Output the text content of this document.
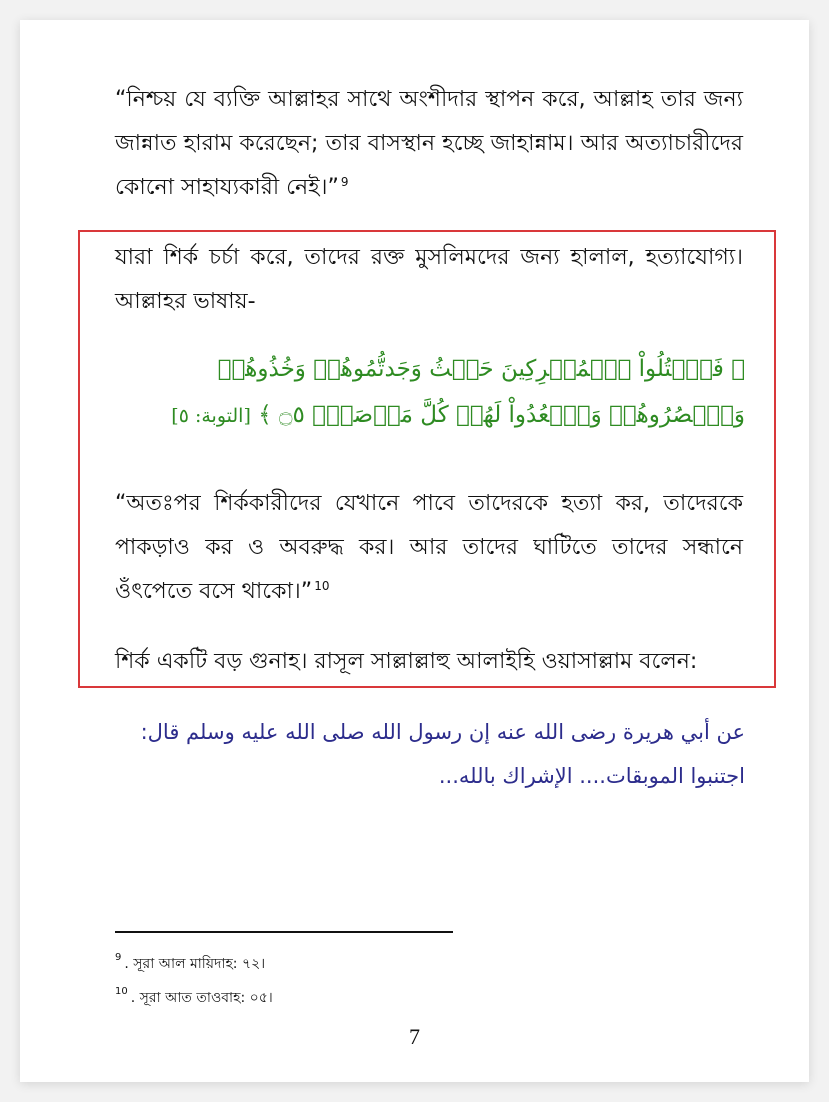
“নিশ্চয় যে ব্যক্তি আল্লাহর সাথে অংশীদার স্থাপন করে, আল্লাহ তার জন্য জান্নাত হারাম করেছেন; তার বাসস্থান হচ্ছে জাহান্নাম। আর অত্যাচারীদের কোনো সাহায্যকারী নেই।” $^9$

যারা শির্ক চর্চা করে, তাদের রক্ত মুসলিমদের জন্য হালাল, হত্যাযোগ্য। আল্লাহর ভাষায়-

﴿ فَٱقۡتُلُواْ ٱلۡمُشۡرِكِينَ حَيۡثُ وَجَدتُّمُوهُمۡ وَخُذُوهُمۡ وَٱحۡصُرُوهُمۡ وَٱقۡعُدُواْ لَهُمۡ كُلَّ مَرۡصَدٖۚ ۝٥ ﴾ [التوبة: ٥]

“অতঃপর শির্ককারীদের যেখানে পাবে তাদেরকে হত্যা কর, তাদেরকে পাকড়াও কর ও অবরুদ্ধ কর। আর তাদের ঘাটিতে তাদের সন্ধানে ওঁৎপেতে বসে থাকো।” $^{10}$

শির্ক একটি বড় গুনাহ। রাসূল সাল্লাল্লাহু আলাইহি ওয়াসাল্লাম বলেন:

عن أبي هريرة رضى الله عنه إن رسول الله صلى الله عليه وسلم قال: اجتنبوا الموبقات.... الإشراك بالله...

$^9$ . সূরা আল মায়িদাহ: ৭২।

$^{10}$ . সূরা আত তাওবাহ: ০৫।

7
